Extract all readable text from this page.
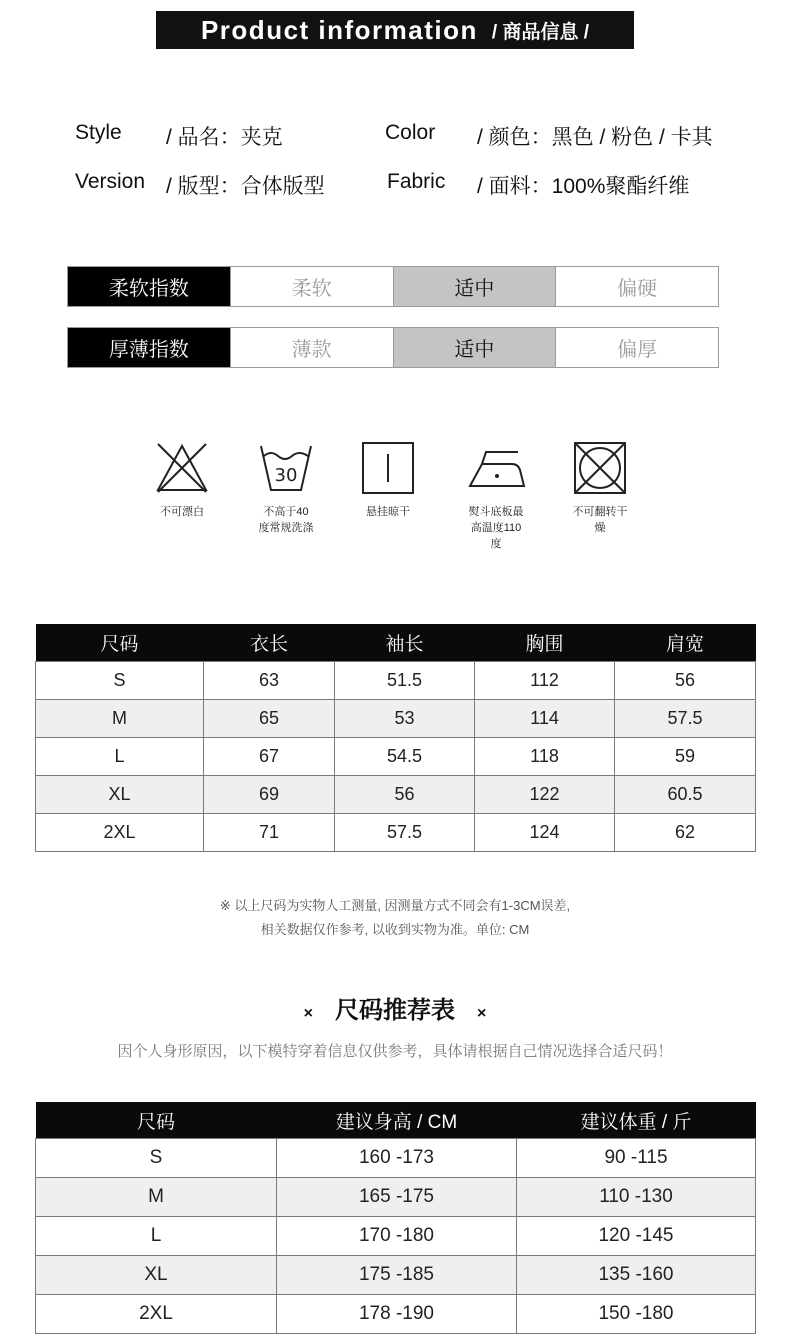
Product information / 商品信息 /
Style / 品名：夹克	Color / 颜色：黑色 / 粉色 / 卡其
Version / 版型：合体版型	Fabric / 面料：100%聚酯纤维
柔软指数	柔软	适中	偏硬
厚薄指数	薄款	适中	偏厚
不可漂白
30
不高于40
度常规洗涤
悬挂晾干	熨斗底板最
高温度110
度
不可翻转干
燥
尺码	衣长	袖长	胸围	肩宽
S	63	51.5	112	56
M	65	53	114	57.5
L	67	54.5	118	59
XL	69	56	122	60.5
2XL	71	57.5	124	62
※ 以上尺码为实物人工测量, 因测量方式不同会有1-3CM误差,
相关数据仅作参考, 以收到实物为准。单位: CM
× 尺码推荐表 ×
因个人身形原因，以下模特穿着信息仅供参考，具体请根据自己情况选择合适尺码！
尺码	建议身高 / CM	建议体重 / 斤
S	160 -173	90 -115
M	165 -175	110 -130
L	170 -180	120 -145
XL	175 -185	135 -160
2XL	178 -190	150 -180
